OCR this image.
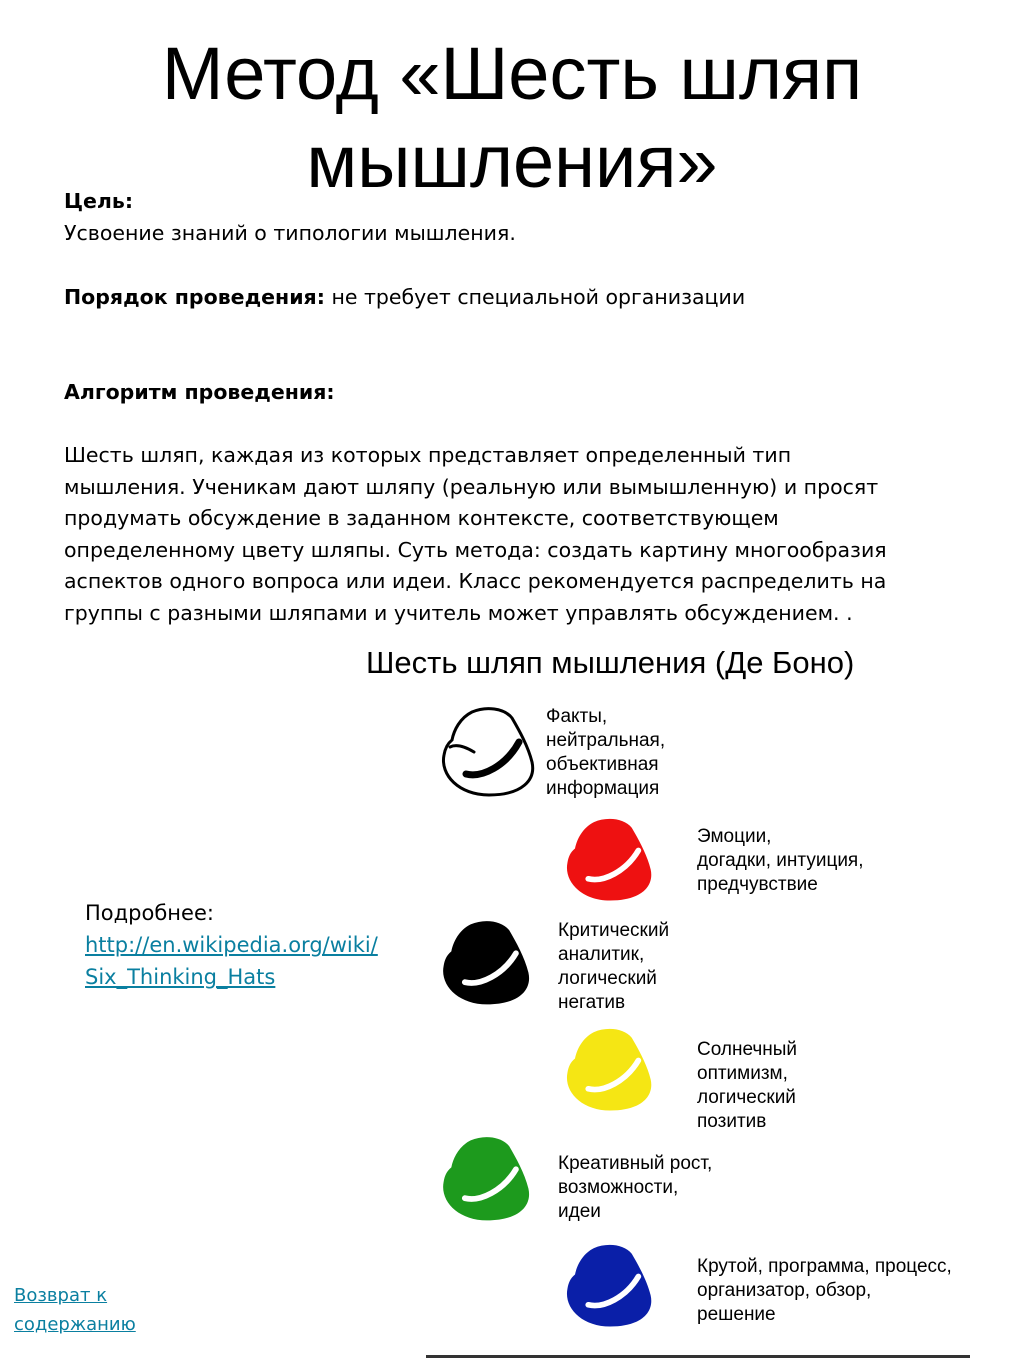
Метод «Шесть шляп
мышления»
Цель:
Усвоение знаний о типологии мышления.
Порядок проведения: не требует специальной организации
Алгоритм проведения:
Шесть шляп, каждая из которых представляет определенный тип
мышления. Ученикам дают шляпу (реальную или вымышленную) и просят
продумать обсуждение в заданном контексте, соответствующем
определенному цвету шляпы. Суть метода: создать картину многообразия
аспектов одного вопроса или идеи. Класс рекомендуется распределить на
группы с разными шляпами и учитель может управлять обсуждением. .
Шесть шляп мышления (Де Боно)
Факты,
нейтральная,
объективная
информация
Эмоции,
догадки, интуиция,
предчувствие
Критический
аналитик,
логический
негатив
Солнечный
оптимизм,
логический
позитив
Креативный рост,
возможности,
идеи
Крутой, программа, процесс,
организатор, обзор,
решение
Подробнее:
http://en.wikipedia.org/wiki/
Six_Thinking_Hats
Возврат к
содержанию
